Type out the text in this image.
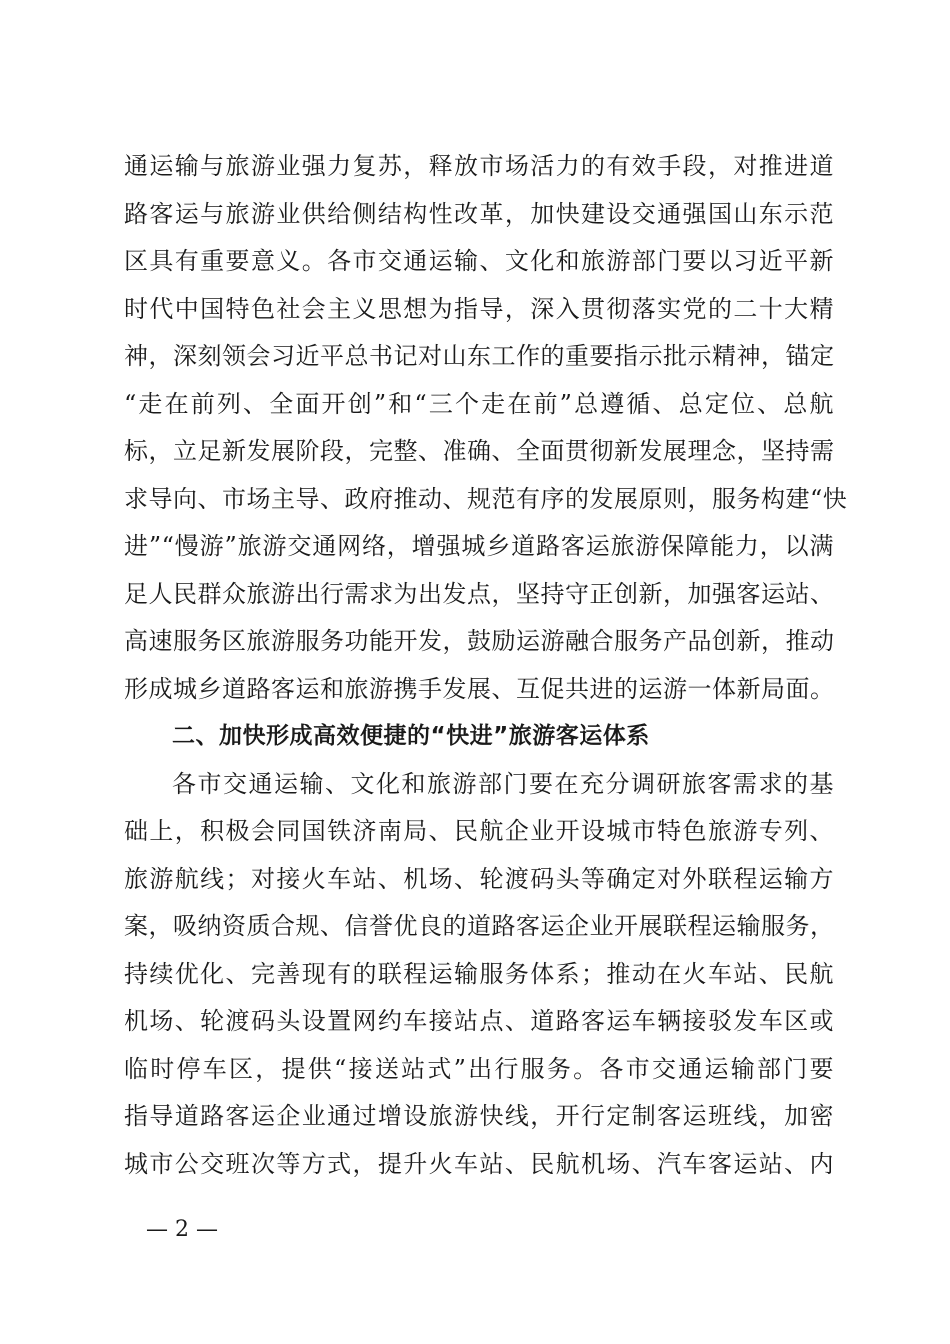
通运输与旅游业强力复苏，释放市场活力的有效手段，对推进道
路客运与旅游业供给侧结构性改革，加快建设交通强国山东示范
区具有重要意义。各市交通运输、文化和旅游部门要以习近平新
时代中国特色社会主义思想为指导，深入贯彻落实党的二十大精
神，深刻领会习近平总书记对山东工作的重要指示批示精神，锚定
“走在前列、全面开创”和“三个走在前”总遵循、总定位、总航
标，立足新发展阶段，完整、准确、全面贯彻新发展理念，坚持需
求导向、市场主导、政府推动、规范有序的发展原则，服务构建“快
进”“慢游”旅游交通网络，增强城乡道路客运旅游保障能力，以满
足人民群众旅游出行需求为出发点，坚持守正创新，加强客运站、
高速服务区旅游服务功能开发，鼓励运游融合服务产品创新，推动
形成城乡道路客运和旅游携手发展、互促共进的运游一体新局面。
二、加快形成高效便捷的“快进”旅游客运体系
各市交通运输、文化和旅游部门要在充分调研旅客需求的基
础上，积极会同国铁济南局、民航企业开设城市特色旅游专列、
旅游航线；对接火车站、机场、轮渡码头等确定对外联程运输方
案，吸纳资质合规、信誉优良的道路客运企业开展联程运输服务，
持续优化、完善现有的联程运输服务体系；推动在火车站、民航
机场、轮渡码头设置网约车接站点、道路客运车辆接驳发车区或
临时停车区，提供“接送站式”出行服务。各市交通运输部门要
指导道路客运企业通过增设旅游快线，开行定制客运班线，加密
城市公交班次等方式，提升火车站、民航机场、汽车客运站、内
— 2 —
